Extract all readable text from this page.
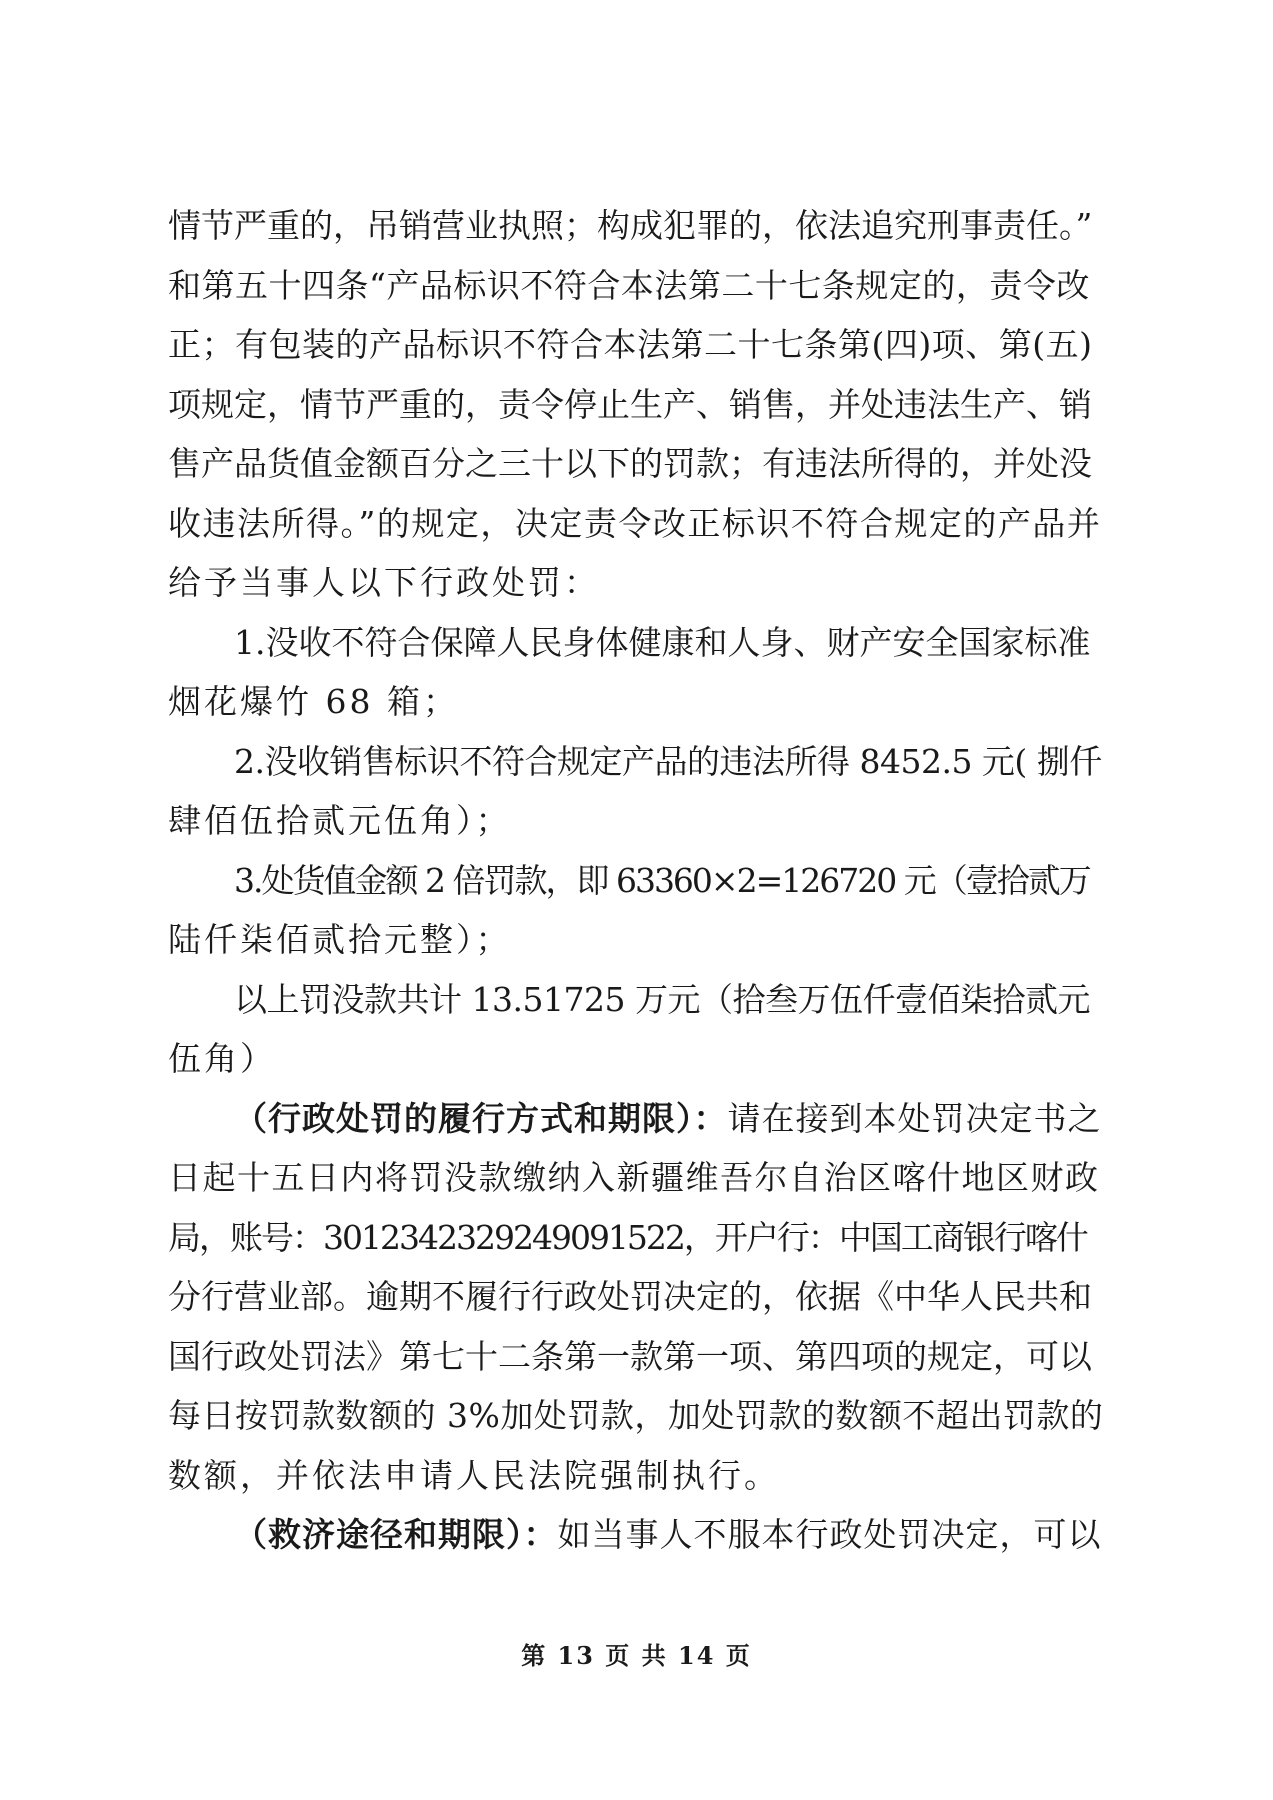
情节严重的，吊销营业执照；构成犯罪的，依法追究刑事责任。”
和第五十四条“产品标识不符合本法第二十七条规定的，责令改
正；有包装的产品标识不符合本法第二十七条第(四)项、第(五)
项规定，情节严重的，责令停止生产、销售，并处违法生产、销
售产品货值金额百分之三十以下的罚款；有违法所得的，并处没
收违法所得。”的规定，决定责令改正标识不符合规定的产品并
给予当事人以下行政处罚：
1.没收不符合保障人民身体健康和人身、财产安全国家标准
烟花爆竹 68 箱；
2.没收销售标识不符合规定产品的违法所得 8452.5 元( 捌仟
肆佰伍拾贰元伍角）；
3.处货值金额 2 倍罚款，即 63360×2=126720 元（壹拾贰万
陆仟柒佰贰拾元整）；
以上罚没款共计 13.51725 万元（拾叁万伍仟壹佰柒拾贰元
伍角）
（行政处罚的履行方式和期限）：请在接到本处罚决定书之
日起十五日内将罚没款缴纳入新疆维吾尔自治区喀什地区财政
局，账号：3012342329249091522，开户行：中国工商银行喀什
分行营业部。逾期不履行行政处罚决定的，依据《中华人民共和
国行政处罚法》第七十二条第一款第一项、第四项的规定，可以
每日按罚款数额的 3%加处罚款，加处罚款的数额不超出罚款的
数额，并依法申请人民法院强制执行。
（救济途径和期限）：如当事人不服本行政处罚决定，可以
第 13 页 共 14 页
